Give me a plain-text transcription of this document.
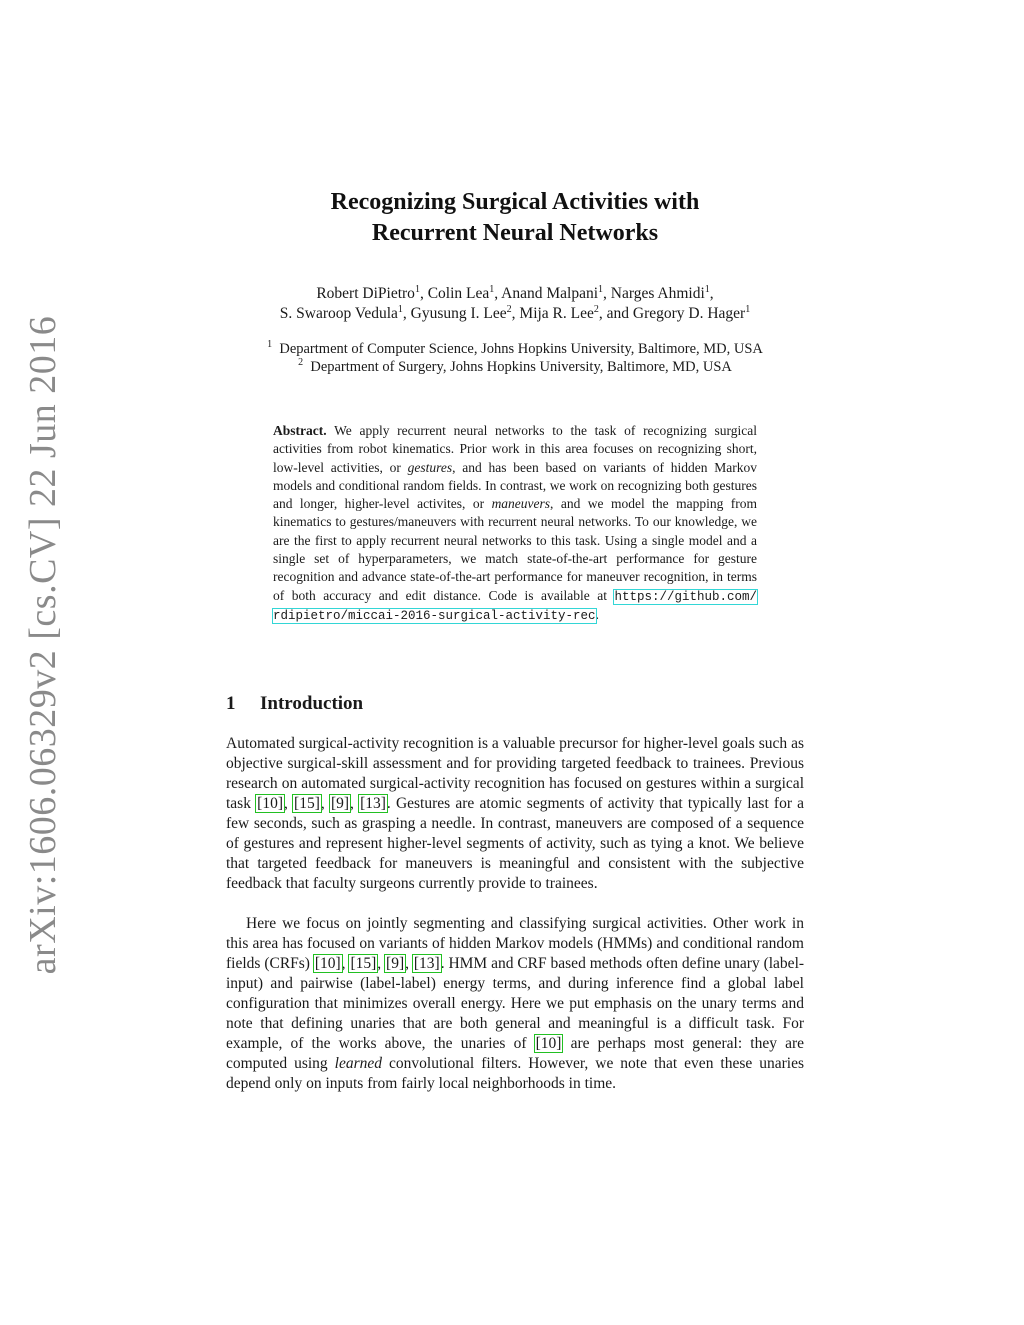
arXiv:1606.06329v2 [cs.CV] 22 Jun 2016
Recognizing Surgical Activities with
Recurrent Neural Networks
Robert DiPietro$^1$, Colin Lea$^1$, Anand Malpani$^1$, Narges Ahmidi$^1$,
S. Swaroop Vedula$^1$, Gyusung I. Lee$^2$, Mija R. Lee$^2$, and Gregory D. Hager$^1$
$^1$ Department of Computer Science, Johns Hopkins University, Baltimore, MD, USA
$^2$ Department of Surgery, Johns Hopkins University, Baltimore, MD, USA
Abstract. We apply recurrent neural networks to the task of recognizing surgical activities from robot kinematics. Prior work in this area focuses on recognizing short, low-level activities, or gestures, and has been based on variants of hidden Markov models and conditional random fields. In contrast, we work on recognizing both gestures and longer, higher-level activites, or maneuvers, and we model the mapping from kinematics to gestures/maneuvers with recurrent neural networks. To our knowledge, we are the first to apply recurrent neural networks to this task. Using a single model and a single set of hyperparameters, we match state-of-the-art performance for gesture recognition and advance state-of-the-art performance for maneuver recognition, in terms of both accuracy and edit distance. Code is available at https://github.com/ rdipietro/miccai-2016-surgical-activity-rec.
1 Introduction
Automated surgical-activity recognition is a valuable precursor for higher-level goals such as objective surgical-skill assessment and for providing targeted feedback to trainees. Previous research on automated surgical-activity recognition has focused on gestures within a surgical task [10], [15], [9], [13]. Gestures are atomic segments of activity that typically last for a few seconds, such as grasping a needle. In contrast, maneuvers are composed of a sequence of gestures and represent higher-level segments of activity, such as tying a knot. We believe that targeted feedback for maneuvers is meaningful and consistent with the subjective feedback that faculty surgeons currently provide to trainees.
Here we focus on jointly segmenting and classifying surgical activities. Other work in this area has focused on variants of hidden Markov models (HMMs) and conditional random fields (CRFs) [10], [15], [9], [13]. HMM and CRF based methods often define unary (label-input) and pairwise (label-label) energy terms, and during inference find a global label configuration that minimizes overall energy. Here we put emphasis on the unary terms and note that defining unaries that are both general and meaningful is a difficult task. For example, of the works above, the unaries of [10] are perhaps most general: they are computed using learned convolutional filters. However, we note that even these unaries depend only on inputs from fairly local neighborhoods in time.
